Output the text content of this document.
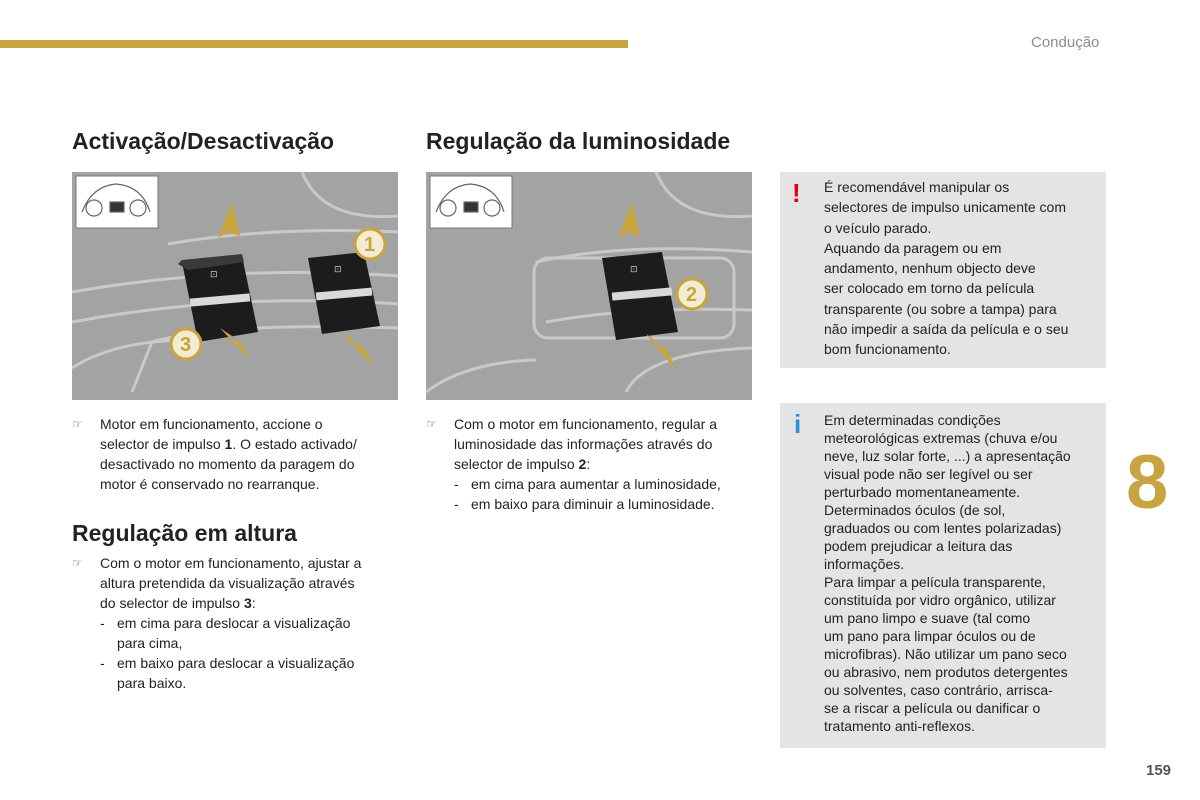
Condução
Activação/Desactivação
⊡	⊡
1
3
☞ Motor em funcionamento, accione o
selector de impulso 1. O estado activado/
desactivado no momento da paragem do
motor é conservado no rearranque.
Regulação em altura
☞ Com o motor em funcionamento, ajustar a
altura pretendida da visualização através
do selector de impulso 3:
- em cima para deslocar a visualização
para cima,
- em baixo para deslocar a visualização
para baixo.
Regulação da luminosidade
⊡
2
☞ Com o motor em funcionamento, regular a
luminosidade das informações através do
selector de impulso 2:
- em cima para aumentar a luminosidade,
- em baixo para diminuir a luminosidade.
! É recomendável manipular os
selectores de impulso unicamente com
o veículo parado.
Aquando da paragem ou em
andamento, nenhum objecto deve
ser colocado em torno da película
transparente (ou sobre a tampa) para
não impedir a saída da película e o seu
bom funcionamento.
i Em determinadas condições
meteorológicas extremas (chuva e/ou
neve, luz solar forte, ...) a apresentação
visual pode não ser legível ou ser
perturbado momentaneamente.
Determinados óculos (de sol,
graduados ou com lentes polarizadas)
podem prejudicar a leitura das
informações.
Para limpar a película transparente,
constituída por vidro orgânico, utilizar
um pano limpo e suave (tal como
um pano para limpar óculos ou de
microfibras). Não utilizar um pano seco
ou abrasivo, nem produtos detergentes
ou solventes, caso contrário, arrisca-
se a riscar a película ou danificar o
tratamento anti-reflexos.
8
159
